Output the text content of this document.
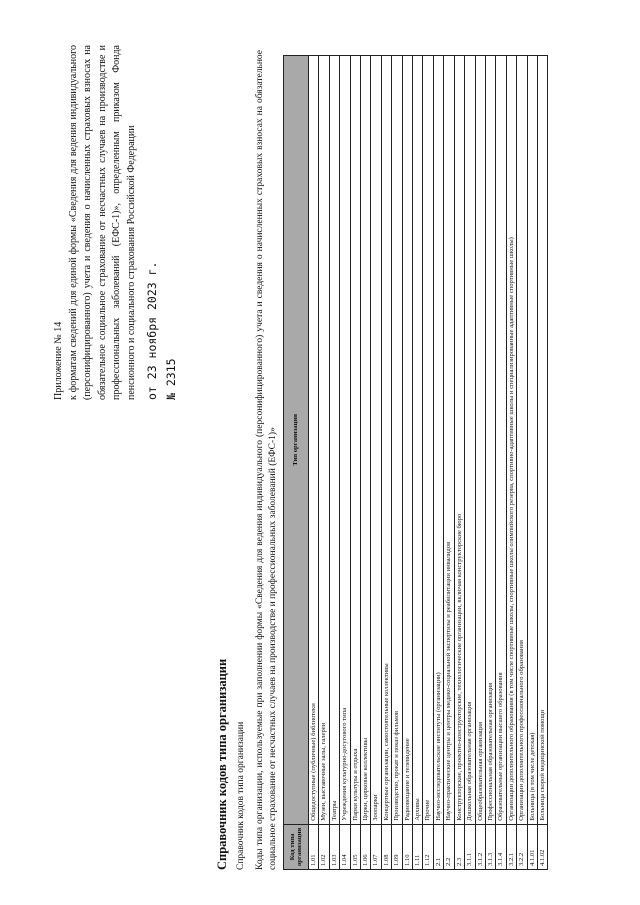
Приложение № 14 к форматам сведений для единой формы «Сведения для ведения индивидуального (персонифицированного) учета и сведения о начисленных страховых взносах на обязательное социальное страхование от несчастных случаев на производстве и профессиональных заболеваний (ЕФС-1)», определенным приказом Фонда пенсионного и социального страхования Российской Федерации от 23 ноября 2023 г. № 2315
Справочник кодов типа организации Справочник кодов типа организации Коды типа организации, используемые при заполнении формы «Сведения для ведения индивидуального (персонифицированного) учета и сведения о начисленных страховых взносах на обязательное социальное страхование от несчастных случаев на производстве и профессиональных заболеваний (ЕФС-1)» Код типа организации	Тип организации
1.01	Общедоступные (публичные) библиотеки
1.02	Музеи, выставочные залы, галереи
1.03	Театры
1.04	Учреждения культурно-досугового типа
1.05	Парки культуры и отдыха
1.06	Цирки, цирковые коллективы
1.07	Зоопарки
1.08	Концертные организации, самостоятельные коллективы
1.09	Производство, прокат и показ фильмов
1.10	Радиовещание и телевидение
1.11	Архивы
1.12	Прочие
2.1	Научно-исследовательские институты (организации)
2.2	Научно-практические центры и центры медико-социальной экспертизы и реабилитации инвалидов
2.3	Конструкторские, проектно-конструкторские, технологические организации, включая конструкторские бюро
3.1.1	Дошкольная образовательная организация
3.1.2	Общеобразовательная организация
3.1.3	Профессиональная образовательная организация
3.1.4	Образовательные организации высшего образования
3.2.1	Организации дополнительного образования (в том числе спортивные школы, спортивные школы олимпийского резерва, спортивно-адаптивные школы и специализированные адаптивные спортивные школы)
3.2.2	Организации дополнительного профессионального образования
4.1.01	Больница (в том числе детская)
4.1.02	Больница скорой медицинской помощи
